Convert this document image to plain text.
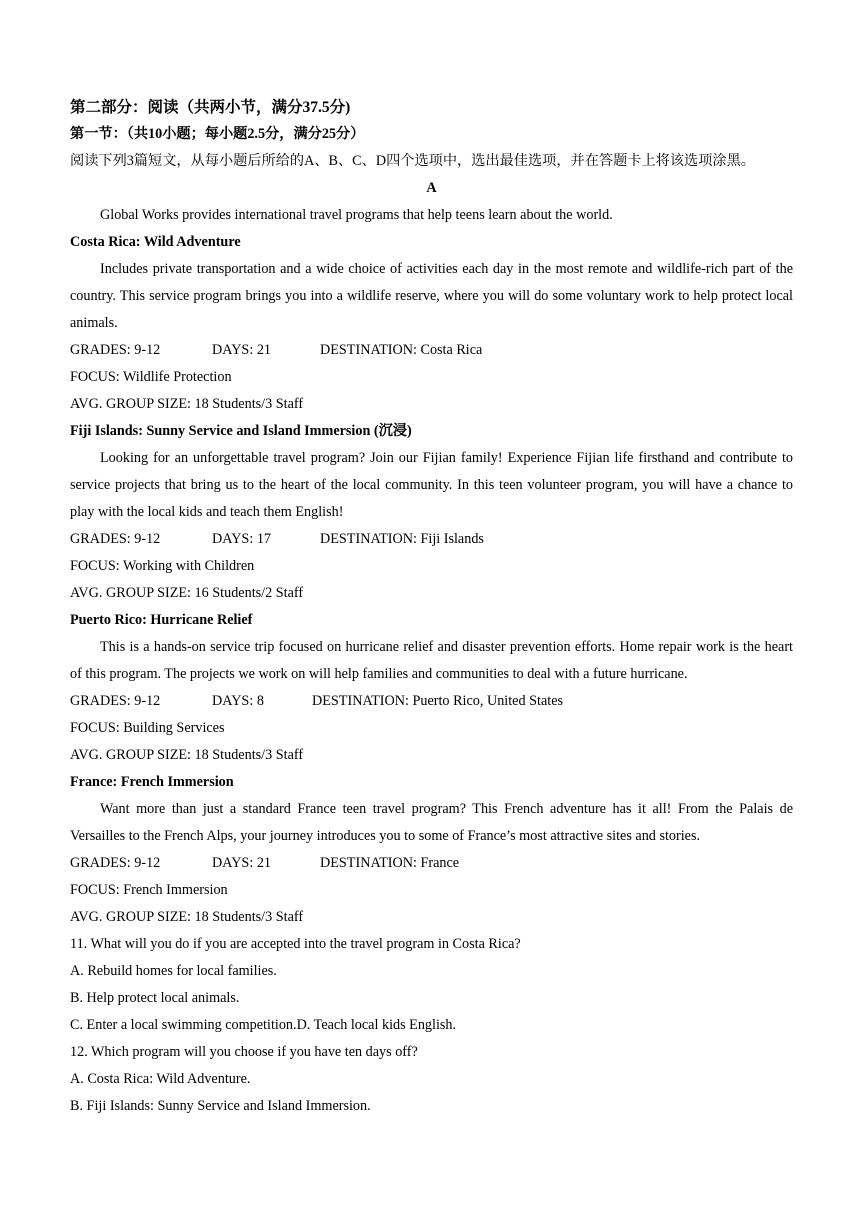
第二部分：阅读（共两小节，满分37.5分)
第一节：（共10小题；每小题2.5分，满分25分）
阅读下列3篇短文，从每小题后所给的A、B、C、D四个选项中，选出最佳选项，并在答题卡上将该选项涂黑。
A
Global Works provides international travel programs that help teens learn about the world.
Costa Rica: Wild Adventure
Includes private transportation and a wide choice of activities each day in the most remote and wildlife-rich part of the country. This service program brings you into a wildlife reserve, where you will do some voluntary work to help protect local animals.
GRADES: 9-12	DAYS: 21	DESTINATION: Costa Rica
FOCUS: Wildlife Protection
AVG. GROUP SIZE: 18 Students/3 Staff
Fiji Islands: Sunny Service and Island Immersion (沉浸)
Looking for an unforgettable travel program? Join our Fijian family! Experience Fijian life firsthand and contribute to service projects that bring us to the heart of the local community. In this teen volunteer program, you will have a chance to play with the local kids and teach them English!
GRADES: 9-12	DAYS: 17	DESTINATION: Fiji Islands
FOCUS: Working with Children
AVG. GROUP SIZE: 16 Students/2 Staff
Puerto Rico: Hurricane Relief
This is a hands-on service trip focused on hurricane relief and disaster prevention efforts. Home repair work is the heart of this program. The projects we work on will help families and communities to deal with a future hurricane.
GRADES: 9-12	DAYS: 8	DESTINATION: Puerto Rico, United States
FOCUS: Building Services
AVG. GROUP SIZE: 18 Students/3 Staff
France: French Immersion
Want more than just a standard France teen travel program? This French adventure has it all! From the Palais de Versailles to the French Alps, your journey introduces you to some of France’s most attractive sites and stories.
GRADES: 9-12	DAYS: 21	DESTINATION: France
FOCUS: French Immersion
AVG. GROUP SIZE: 18 Students/3 Staff
11. What will you do if you are accepted into the travel program in Costa Rica?
A. Rebuild homes for local families.
B. Help protect local animals.
C. Enter a local swimming competition.D. Teach local kids English.
12. Which program will you choose if you have ten days off?
A. Costa Rica: Wild Adventure.
B. Fiji Islands: Sunny Service and Island Immersion.
